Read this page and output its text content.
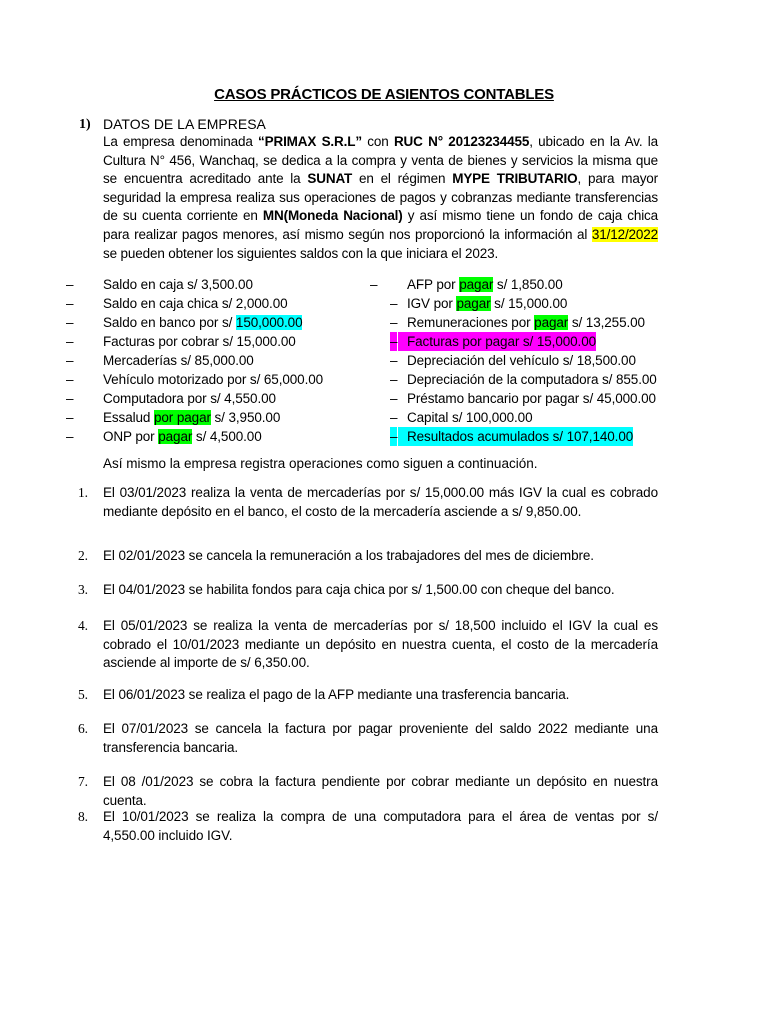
CASOS PRÁCTICOS DE ASIENTOS CONTABLES
1) DATOS DE LA EMPRESA
La empresa denominada “PRIMAX S.R.L” con RUC N° 20123234455, ubicado en la Av. la Cultura N° 456, Wanchaq, se dedica a la compra y venta de bienes y servicios la misma que se encuentra acreditado ante la SUNAT en el régimen MYPE TRIBUTARIO, para mayor seguridad la empresa realiza sus operaciones de pagos y cobranzas mediante transferencias de su cuenta corriente en MN(Moneda Nacional) y así mismo tiene un fondo de caja chica para realizar pagos menores, así mismo según nos proporcionó la información al 31/12/2022 se pueden obtener los siguientes saldos con la que iniciara el 2023.
– Saldo en caja s/ 3,500.00
– Saldo en caja chica s/ 2,000.00
– Saldo en banco por s/ 150,000.00
– Facturas por cobrar s/ 15,000.00
– Mercaderías s/ 85,000.00
– Vehículo motorizado por s/ 65,000.00
– Computadora por s/ 4,550.00
– Essalud por pagar s/ 3,950.00
– ONP por pagar s/ 4,500.00
– AFP por pagar s/ 1,850.00
– IGV por pagar s/ 15,000.00
– Remuneraciones por pagar s/ 13,255.00
– Facturas por pagar s/ 15,000.00
– Depreciación del vehículo s/ 18,500.00
– Depreciación de la computadora s/ 855.00
– Préstamo bancario por pagar s/ 45,000.00
– Capital s/ 100,000.00
– Resultados acumulados s/ 107,140.00
Así mismo la empresa registra operaciones como siguen a continuación.
1. El 03/01/2023 realiza la venta de mercaderías por s/ 15,000.00 más IGV la cual es cobrado mediante depósito en el banco, el costo de la mercadería asciende a s/ 9,850.00.
2. El 02/01/2023 se cancela la remuneración a los trabajadores del mes de diciembre.
3. El 04/01/2023 se habilita fondos para caja chica por s/ 1,500.00 con cheque del banco.
4. El 05/01/2023 se realiza la venta de mercaderías por s/ 18,500 incluido el IGV la cual es cobrado el 10/01/2023 mediante un depósito en nuestra cuenta, el costo de la mercadería asciende al importe de s/ 6,350.00.
5. El 06/01/2023 se realiza el pago de la AFP mediante una trasferencia bancaria.
6. El 07/01/2023 se cancela la factura por pagar proveniente del saldo 2022 mediante una transferencia bancaria.
7. El 08 /01/2023 se cobra la factura pendiente por cobrar mediante un depósito en nuestra cuenta.
8. El 10/01/2023 se realiza la compra de una computadora para el área de ventas por s/ 4,550.00 incluido IGV.
